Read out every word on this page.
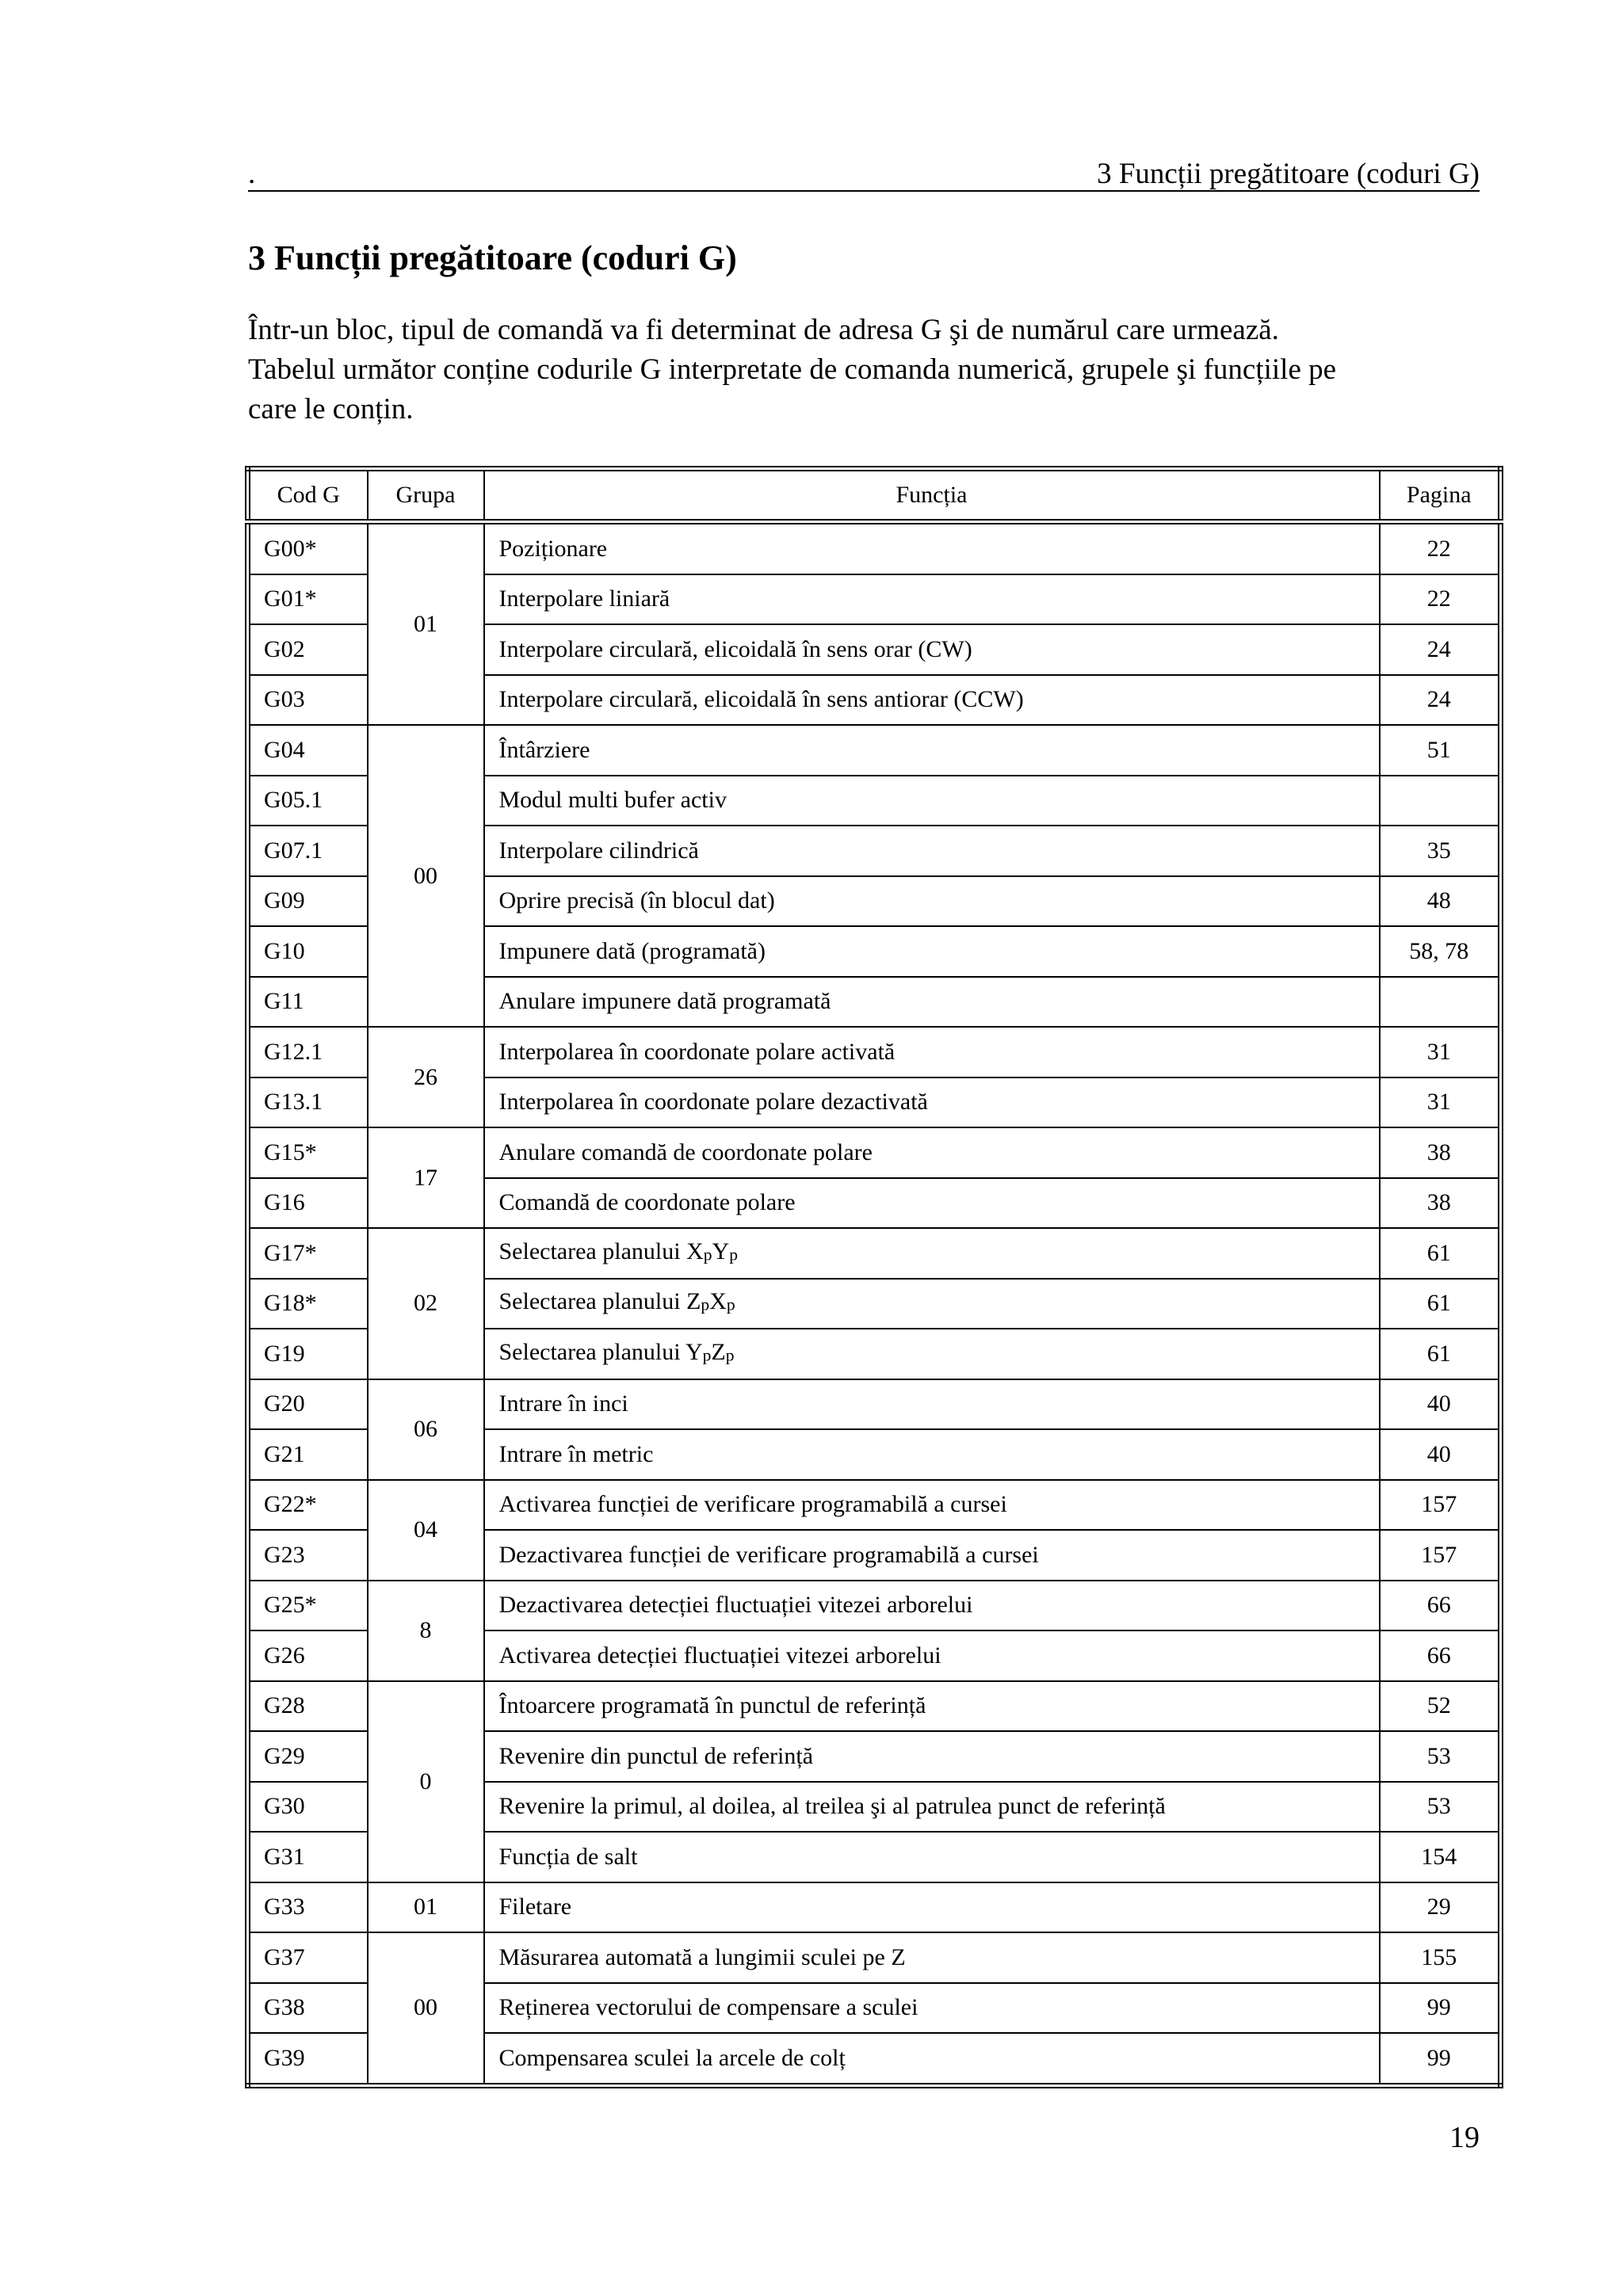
.	3 Funcții pregătitoare (coduri G)
3 Funcții pregătitoare (coduri G)
Într-un bloc, tipul de comandă va fi determinat de adresa G şi de numărul care urmează.
Tabelul următor conține codurile G interpretate de comanda numerică, grupele şi funcțiile pe
care le conțin.
Cod G	Grupa	Funcția	Pagina
G00*	01	Poziționare	22
G01*		Interpolare liniară	22
G02		Interpolare circulară, elicoidală în sens orar (CW)	24
G03		Interpolare circulară, elicoidală în sens antiorar (CCW)	24
G04	00	Întârziere	51
G05.1		Modul multi bufer activ	
G07.1		Interpolare cilindrică	35
G09		Oprire precisă (în blocul dat)	48
G10		Impunere dată (programată)	58, 78
G11		Anulare impunere dată programată	
G12.1	26	Interpolarea în coordonate polare activată	31
G13.1		Interpolarea în coordonate polare dezactivată	31
G15*	17	Anulare comandă de coordonate polare	38
G16		Comandă de coordonate polare	38
G17*	02	Selectarea planului XpYp	61
G18*		Selectarea planului ZpXp	61
G19		Selectarea planului YpZp	61
G20	06	Intrare în inci	40
G21		Intrare în metric	40
G22*	04	Activarea funcției de verificare programabilă a cursei	157
G23		Dezactivarea funcției de verificare programabilă a cursei	157
G25*	8	Dezactivarea detecției fluctuației vitezei arborelui	66
G26		Activarea detecției fluctuației vitezei arborelui	66
G28	0	Întoarcere programată în punctul de referință	52
G29		Revenire din punctul de referință	53
G30		Revenire la primul, al doilea, al treilea şi al patrulea punct de referință	53
G31		Funcția de salt	154
G33	01	Filetare	29
G37	00	Măsurarea automată a lungimii sculei pe Z	155
G38		Reținerea vectorului de compensare a sculei	99
G39		Compensarea sculei la arcele de colț	99
19
